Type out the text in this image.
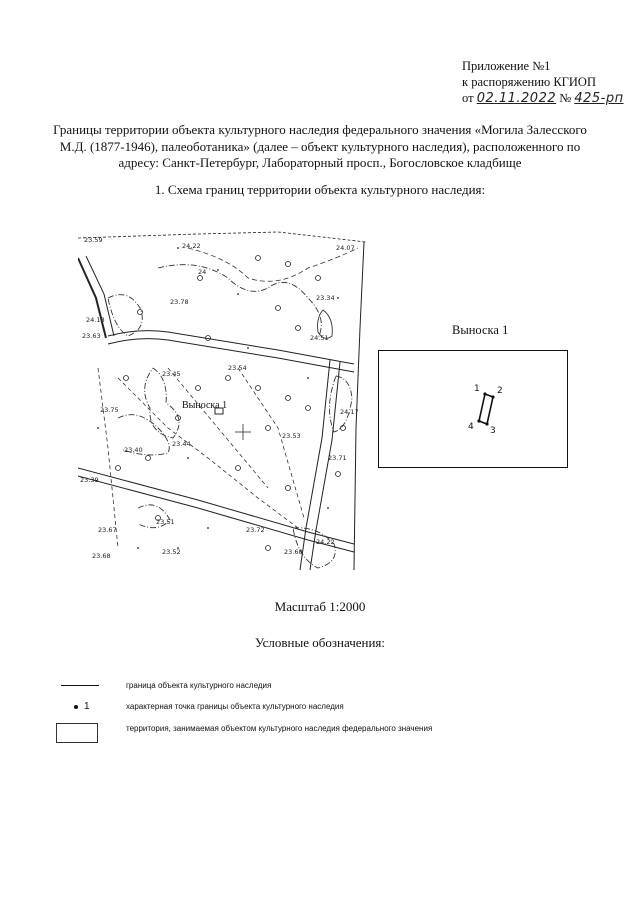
Приложение №1
к распоряжению КГИОП
от 02.11.2022 № 425-рп
Границы территории объекта культурного наследия федерального значения «Могила Залесского М.Д. (1877-1946), палеоботаника» (далее – объект культурного наследия), расположенного по адресу: Санкт-Петербург, Лабораторный просп., Богословское кладбище
1. Схема границ территории объекта культурного наследия:
23.59
24.22	24.07
23.78	23.34
24.18
24.51
23.63
23.54
23.45
23.75	24.17
23.44
23.53
23.40
23.71
23.39
23.51
23.72
23.67
24.22
23.68
23.52
23.68
24
Выноска 1
Выноска 1
1 2
3
4
Масштаб 1:2000
Условные обозначения:
граница объекта культурного наследия
1	характерная точка границы объекта культурного наследия
территория, занимаемая объектом культурного наследия федерального значения
